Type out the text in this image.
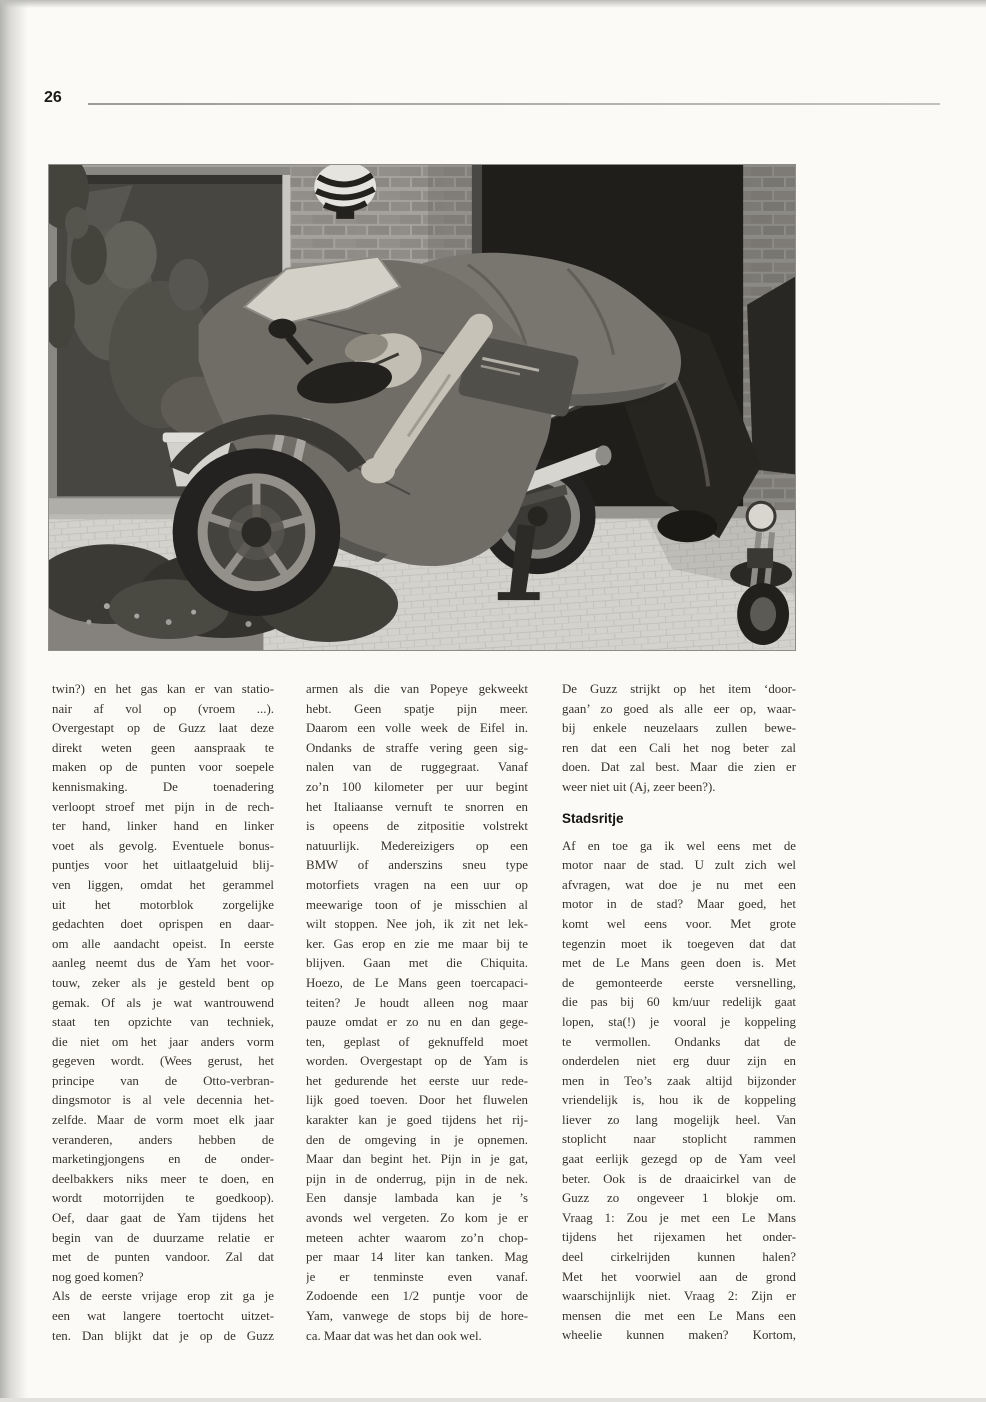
26
twin?) en het gas kan er van statio-
nair af vol op (vroem ...).
Overgestapt op de Guzz laat deze
direkt weten geen aanspraak te
maken op de punten voor soepele
kennismaking. De toenadering
verloopt stroef met pijn in de rech-
ter hand, linker hand en linker
voet als gevolg. Eventuele bonus-
puntjes voor het uitlaatgeluid blij-
ven liggen, omdat het gerammel
uit het motorblok zorgelijke
gedachten doet oprispen en daar-
om alle aandacht opeist. In eerste
aanleg neemt dus de Yam het voor-
touw, zeker als je gesteld bent op
gemak. Of als je wat wantrouwend
staat ten opzichte van techniek,
die niet om het jaar anders vorm
gegeven wordt. (Wees gerust, het
principe van de Otto-verbran-
dingsmotor is al vele decennia het-
zelfde. Maar de vorm moet elk jaar
veranderen, anders hebben de
marketingjongens en de onder-
deelbakkers niks meer te doen, en
wordt motorrijden te goedkoop).
Oef, daar gaat de Yam tijdens het
begin van de duurzame relatie er
met de punten vandoor. Zal dat
nog goed komen?
Als de eerste vrijage erop zit ga je
een wat langere toertocht uitzet-
ten. Dan blijkt dat je op de Guzz
armen als die van Popeye gekweekt
hebt. Geen spatje pijn meer.
Daarom een volle week de Eifel in.
Ondanks de straffe vering geen sig-
nalen van de ruggegraat. Vanaf
zo’n 100 kilometer per uur begint
het Italiaanse vernuft te snorren en
is opeens de zitpositie volstrekt
natuurlijk. Medereizigers op een
BMW of anderszins sneu type
motorfiets vragen na een uur op
meewarige toon of je misschien al
wilt stoppen. Nee joh, ik zit net lek-
ker. Gas erop en zie me maar bij te
blijven. Gaan met die Chiquita.
Hoezo, de Le Mans geen toercapaci-
teiten? Je houdt alleen nog maar
pauze omdat er zo nu en dan gege-
ten, geplast of geknuffeld moet
worden. Overgestapt op de Yam is
het gedurende het eerste uur rede-
lijk goed toeven. Door het fluwelen
karakter kan je goed tijdens het rij-
den de omgeving in je opnemen.
Maar dan begint het. Pijn in je gat,
pijn in de onderrug, pijn in de nek.
Een dansje lambada kan je ’s
avonds wel vergeten. Zo kom je er
meteen achter waarom zo’n chop-
per maar 14 liter kan tanken. Mag
je er tenminste even vanaf.
Zodoende een 1/2 puntje voor de
Yam, vanwege de stops bij de hore-
ca. Maar dat was het dan ook wel.
De Guzz strijkt op het item ‘door-
gaan’ zo goed als alle eer op, waar-
bij enkele neuzelaars zullen bewe-
ren dat een Cali het nog beter zal
doen. Dat zal best. Maar die zien er
weer niet uit (Aj, zeer been?).
Stadsritje
Af en toe ga ik wel eens met de
motor naar de stad. U zult zich wel
afvragen, wat doe je nu met een
motor in de stad? Maar goed, het
komt wel eens voor. Met grote
tegenzin moet ik toegeven dat dat
met de Le Mans geen doen is. Met
de gemonteerde eerste versnelling,
die pas bij 60 km/uur redelijk gaat
lopen, sta(!) je vooral je koppeling
te vermollen. Ondanks dat de
onderdelen niet erg duur zijn en
men in Teo’s zaak altijd bijzonder
vriendelijk is, hou ik de koppeling
liever zo lang mogelijk heel. Van
stoplicht naar stoplicht rammen
gaat eerlijk gezegd op de Yam veel
beter. Ook is de draaicirkel van de
Guzz zo ongeveer 1 blokje om.
Vraag 1: Zou je met een Le Mans
tijdens het rijexamen het onder-
deel cirkelrijden kunnen halen?
Met het voorwiel aan de grond
waarschijnlijk niet. Vraag 2: Zijn er
mensen die met een Le Mans een
wheelie kunnen maken? Kortom,
